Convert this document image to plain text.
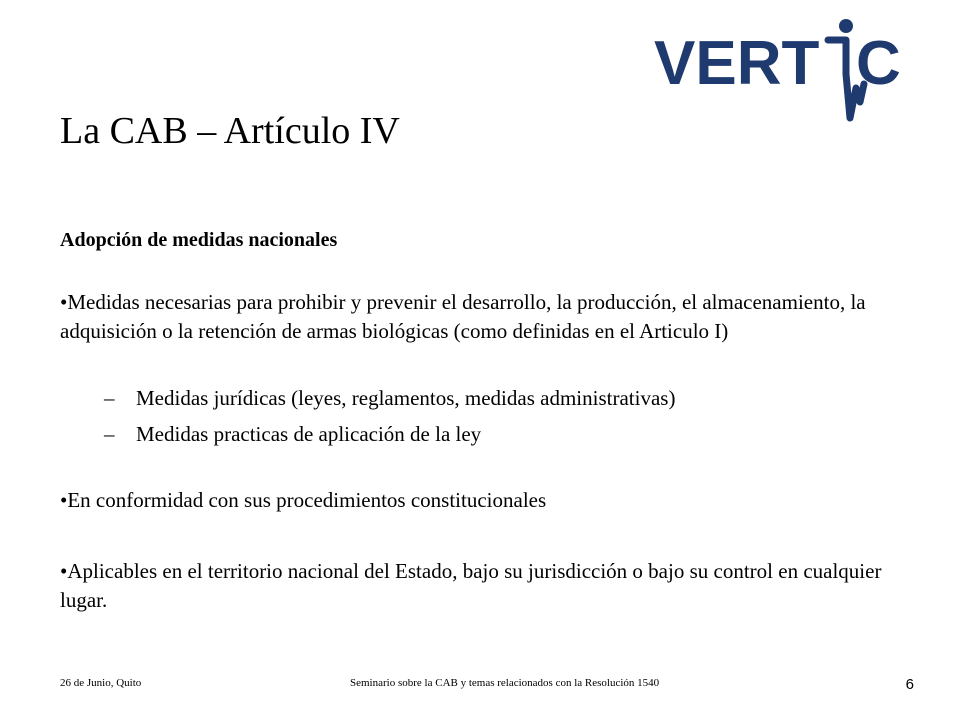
VERT C
La CAB – Artículo IV
Adopción de medidas nacionales
•Medidas necesarias para prohibir y prevenir el desarrollo, la producción, el almacenamiento, la adquisición o la retención de armas biológicas (como definidas en el Articulo I)
– Medidas jurídicas (leyes, reglamentos, medidas administrativas)
– Medidas practicas de aplicación de la ley
•En conformidad con sus procedimientos constitucionales
•Aplicables en el territorio nacional del Estado, bajo su jurisdicción o bajo su control en cualquier lugar.
26 de Junio, Quito	Seminario sobre la CAB y temas relacionados con la Resolución 1540	6
